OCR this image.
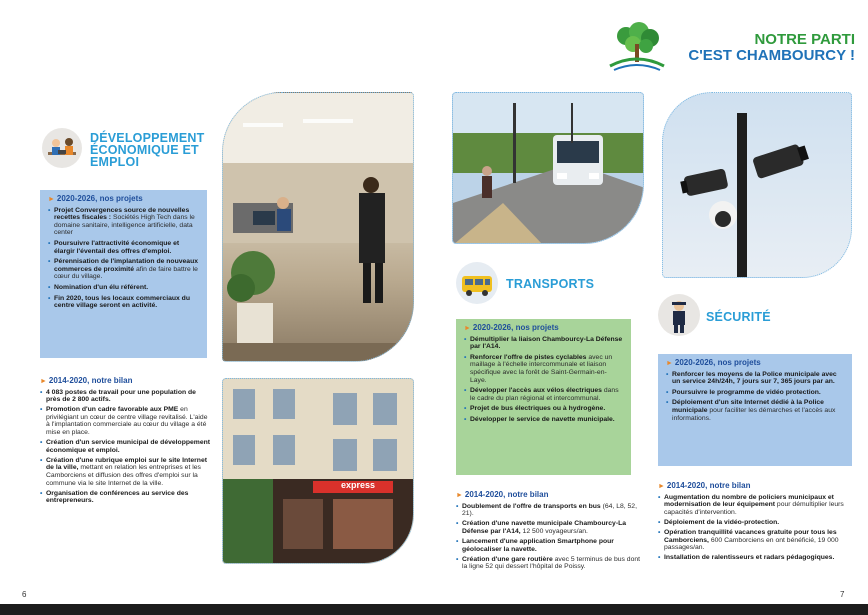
NOTRE PARTI
C'EST CHAMBOURCY !
DÉVELOPPEMENT ÉCONOMIQUE ET EMPLOI
► 2020-2026, nos projets
• Projet Convergences source de nouvelles recettes fiscales : Sociétés High Tech dans le domaine sanitaire, intelligence artificielle, data center
• Poursuivre l'attractivité économique et élargir l'éventail des offres d'emploi.
• Pérennisation de l'implantation de nouveaux commerces de proximité afin de faire battre le cœur du village.
• Nomination d'un élu référent.
• Fin 2020, tous les locaux commerciaux du centre village seront en activité.
► 2014-2020, notre bilan
• 4 083 postes de travail pour une population de près de 2 800 actifs.
• Promotion d'un cadre favorable aux PME en privilégiant un cœur de centre village revitalisé. L'aide à l'implantation commerciale au cœur du village a été mise en place.
• Création d'un service municipal de développement économique et emploi.
• Création d'une rubrique emploi sur le site Internet de la ville, mettant en relation les entreprises et les Camborciens et diffusion des offres d'emploi sur la commune via le site Internet de la ville.
• Organisation de conférences au service des entrepreneurs.
express
TRANSPORTS
► 2020-2026, nos projets
• Démultiplier la liaison Chambourcy-La Défense par l'A14.
• Renforcer l'offre de pistes cyclables avec un maillage à l'échelle intercommunale et liaison spécifique avec la forêt de Saint-Germain-en-Laye.
• Développer l'accès aux vélos électriques dans le cadre du plan régional et intercommunal.
• Projet de bus électriques ou à hydrogène.
• Développer le service de navette municipale.
► 2014-2020, notre bilan
• Doublement de l'offre de transports en bus (64, L8, 52, 21).
• Création d'une navette municipale Chambourcy-La Défense par l'A14, 12 500 voyageurs/an.
• Lancement d'une application Smartphone pour géolocaliser la navette.
• Création d'une gare routière avec 5 terminus de bus dont la ligne 52 qui dessert l'hôpital de Poissy.
SÉCURITÉ
► 2020-2026, nos projets
• Renforcer les moyens de la Police municipale avec un service 24h/24h, 7 jours sur 7, 365 jours par an.
• Poursuivre le programme de vidéo protection.
• Déploiement d'un site Internet dédié à la Police municipale pour faciliter les démarches et l'accès aux informations.
► 2014-2020, notre bilan
• Augmentation du nombre de policiers municipaux et modernisation de leur équipement pour démultiplier leurs capacités d'intervention.
• Déploiement de la vidéo-protection.
• Opération tranquillité vacances gratuite pour tous les Camborciens, 600 Camborciens en ont bénéficié, 19 000 passages/an.
• Installation de ralentisseurs et radars pédagogiques.
6	7
